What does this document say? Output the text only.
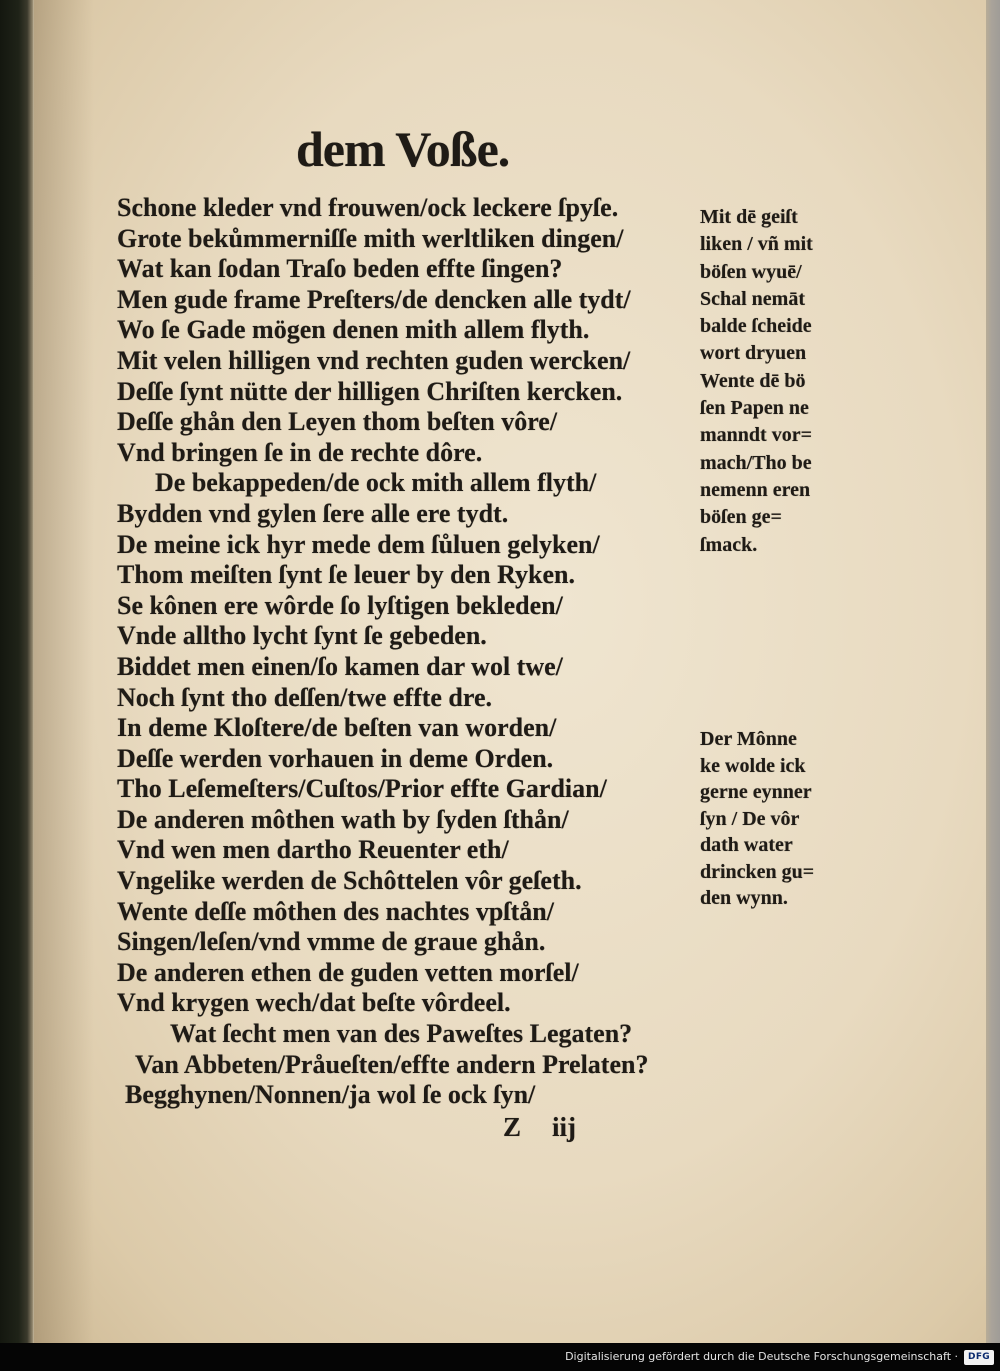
dem Voße.
Schone kleder vnd frouwen/ock leckere ſpyſe.
Grote bekůmmerniſſe mith werltliken dingen/
Wat kan ſodan Traſo beden effte ſingen?
Men gude frame Preſters/de dencken alle tydt/
Wo ſe Gade mögen denen mith allem flyth.
Mit velen hilligen vnd rechten guden wercken/
Deſſe ſynt nütte der hilligen Chriſten kercken.
Deſſe ghån den Leyen thom beſten vôre/
Vnd bringen ſe in de rechte dôre.
De bekappeden/de ock mith allem flyth/
Bydden vnd gylen ſere alle ere tydt.
De meine ick hyr mede dem ſůluen gelyken/
Thom meiſten ſynt ſe leuer by den Ryken.
Se kônen ere wôrde ſo lyſtigen bekleden/
Vnde alltho lycht ſynt ſe gebeden.
Biddet men einen/ſo kamen dar wol twe/
Noch ſynt tho deſſen/twe effte dre.
In deme Kloſtere/de beſten van worden/
Deſſe werden vorhauen in deme Orden.
Tho Leſemeſters/Cuſtos/Prior effte Gardian/
De anderen môthen wath by ſyden ſthån/
Vnd wen men dartho Reuenter eth/
Vngelike werden de Schôttelen vôr geſeth.
Wente deſſe môthen des nachtes vpſtån/
Singen/leſen/vnd vmme de graue ghån.
De anderen ethen de guden vetten morſel/
Vnd krygen wech/dat beſte vôrdeel.
Wat ſecht men van des Paweſtes Legaten?
Van Abbeten/Pråueſten/effte andern Prelaten?
Begghynen/Nonnen/ja wol ſe ock ſyn/
Mit dē geiſt
liken / vñ mit
böſen wyuē/
Schal nemāt
balde ſcheide
wort dryuen
Wente dē bö
ſen Papen ne
manndt vor=
mach/Tho be
nemenn eren
böſen ge=
ſmack.
Der Mônne
ke wolde ick
gerne eynner
ſyn / De vôr
dath water
drincken gu=
den wynn.
Z iij
Digitalisierung gefördert durch die Deutsche Forschungsgemeinschaft ·	DFG
